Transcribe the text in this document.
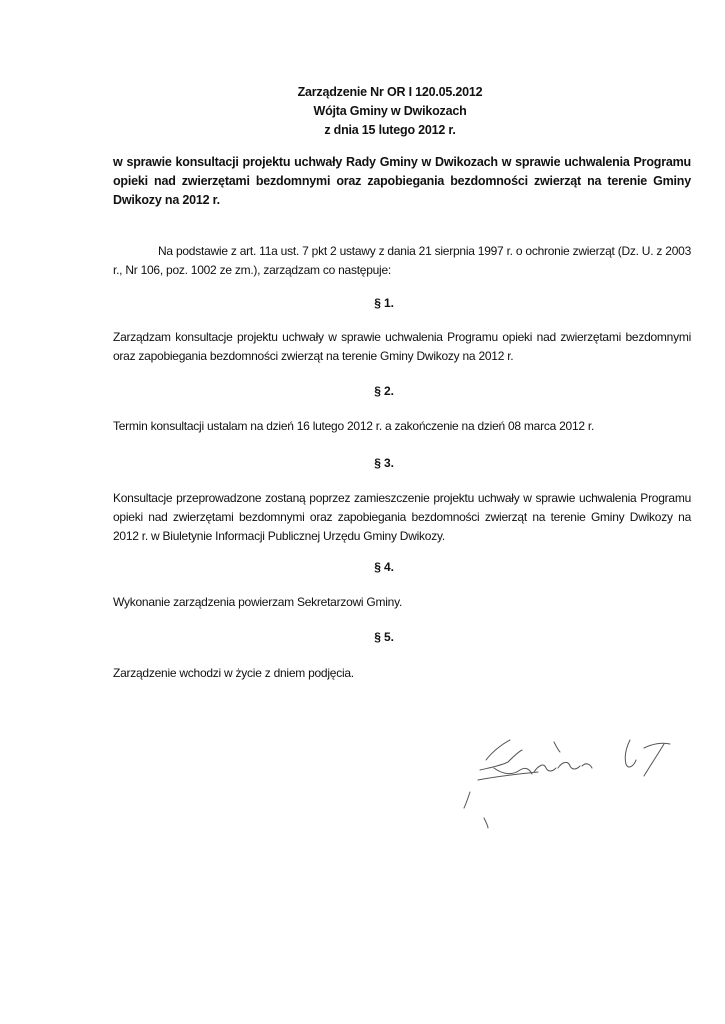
Zarządzenie Nr OR I 120.05.2012
Wójta Gminy w Dwikozach
z dnia 15 lutego 2012 r.
w sprawie konsultacji projektu uchwały Rady Gminy w Dwikozach w sprawie uchwalenia Programu opieki nad zwierzętami bezdomnymi oraz zapobiegania bezdomności zwierząt na terenie Gminy Dwikozy na 2012 r.
Na podstawie z art. 11a ust. 7 pkt 2 ustawy z dania 21 sierpnia 1997 r. o ochronie zwierząt (Dz. U. z 2003 r., Nr 106, poz. 1002 ze zm.), zarządzam co następuje:
§ 1.
Zarządzam konsultacje projektu uchwały w sprawie uchwalenia Programu opieki nad zwierzętami bezdomnymi oraz zapobiegania bezdomności zwierząt na terenie Gminy Dwikozy na 2012 r.
§ 2.
Termin konsultacji ustalam na dzień 16 lutego 2012 r. a zakończenie na dzień 08 marca 2012 r.
§ 3.
Konsultacje przeprowadzone zostaną poprzez zamieszczenie projektu uchwały w sprawie uchwalenia Programu opieki nad zwierzętami bezdomnymi oraz zapobiegania bezdomności zwierząt na terenie Gminy Dwikozy na 2012 r. w Biuletynie Informacji Publicznej Urzędu Gminy Dwikozy.
§ 4.
Wykonanie zarządzenia powierzam Sekretarzowi Gminy.
§ 5.
Zarządzenie wchodzi w życie z dniem podjęcia.
